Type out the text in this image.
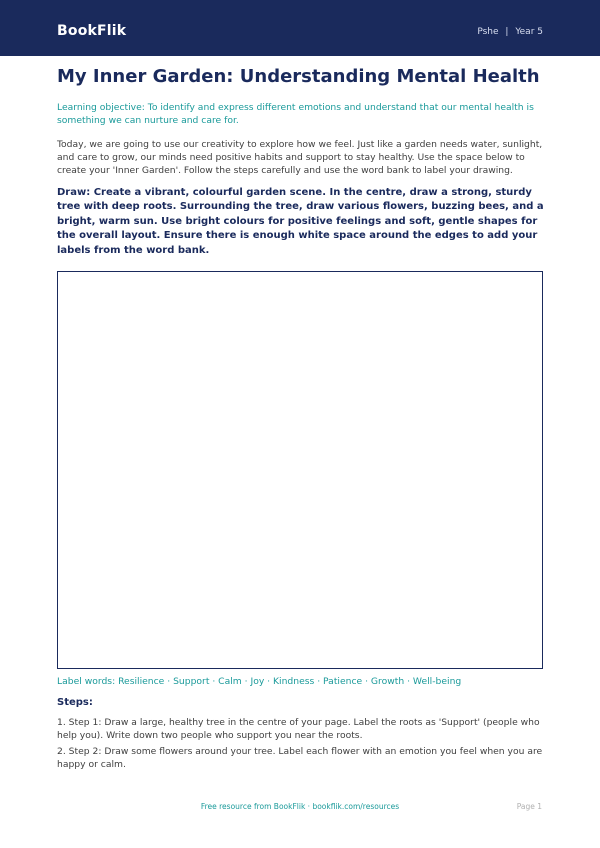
BookFlik	Pshe | Year 5
My Inner Garden: Understanding Mental Health

Learning objective: To identify and express different emotions and understand that our mental health is something we can nurture and care for.

Today, we are going to use our creativity to explore how we feel. Just like a garden needs water, sunlight, and care to grow, our minds need positive habits and support to stay healthy. Use the space below to create your 'Inner Garden'. Follow the steps carefully and use the word bank to label your drawing.

Draw: Create a vibrant, colourful garden scene. In the centre, draw a strong, sturdy tree with deep roots. Surrounding the tree, draw various flowers, buzzing bees, and a bright, warm sun. Use bright colours for positive feelings and soft, gentle shapes for the overall layout. Ensure there is enough white space around the edges to add your labels from the word bank.

Label words: Resilience · Support · Calm · Joy · Kindness · Patience · Growth · Well-being

Steps:

1. Step 1: Draw a large, healthy tree in the centre of your page. Label the roots as 'Support' (people who help you). Write down two people who support you near the roots.

2. Step 2: Draw some flowers around your tree. Label each flower with an emotion you feel when you are happy or calm.

Free resource from BookFlik · bookflik.com/resources	Page 1
